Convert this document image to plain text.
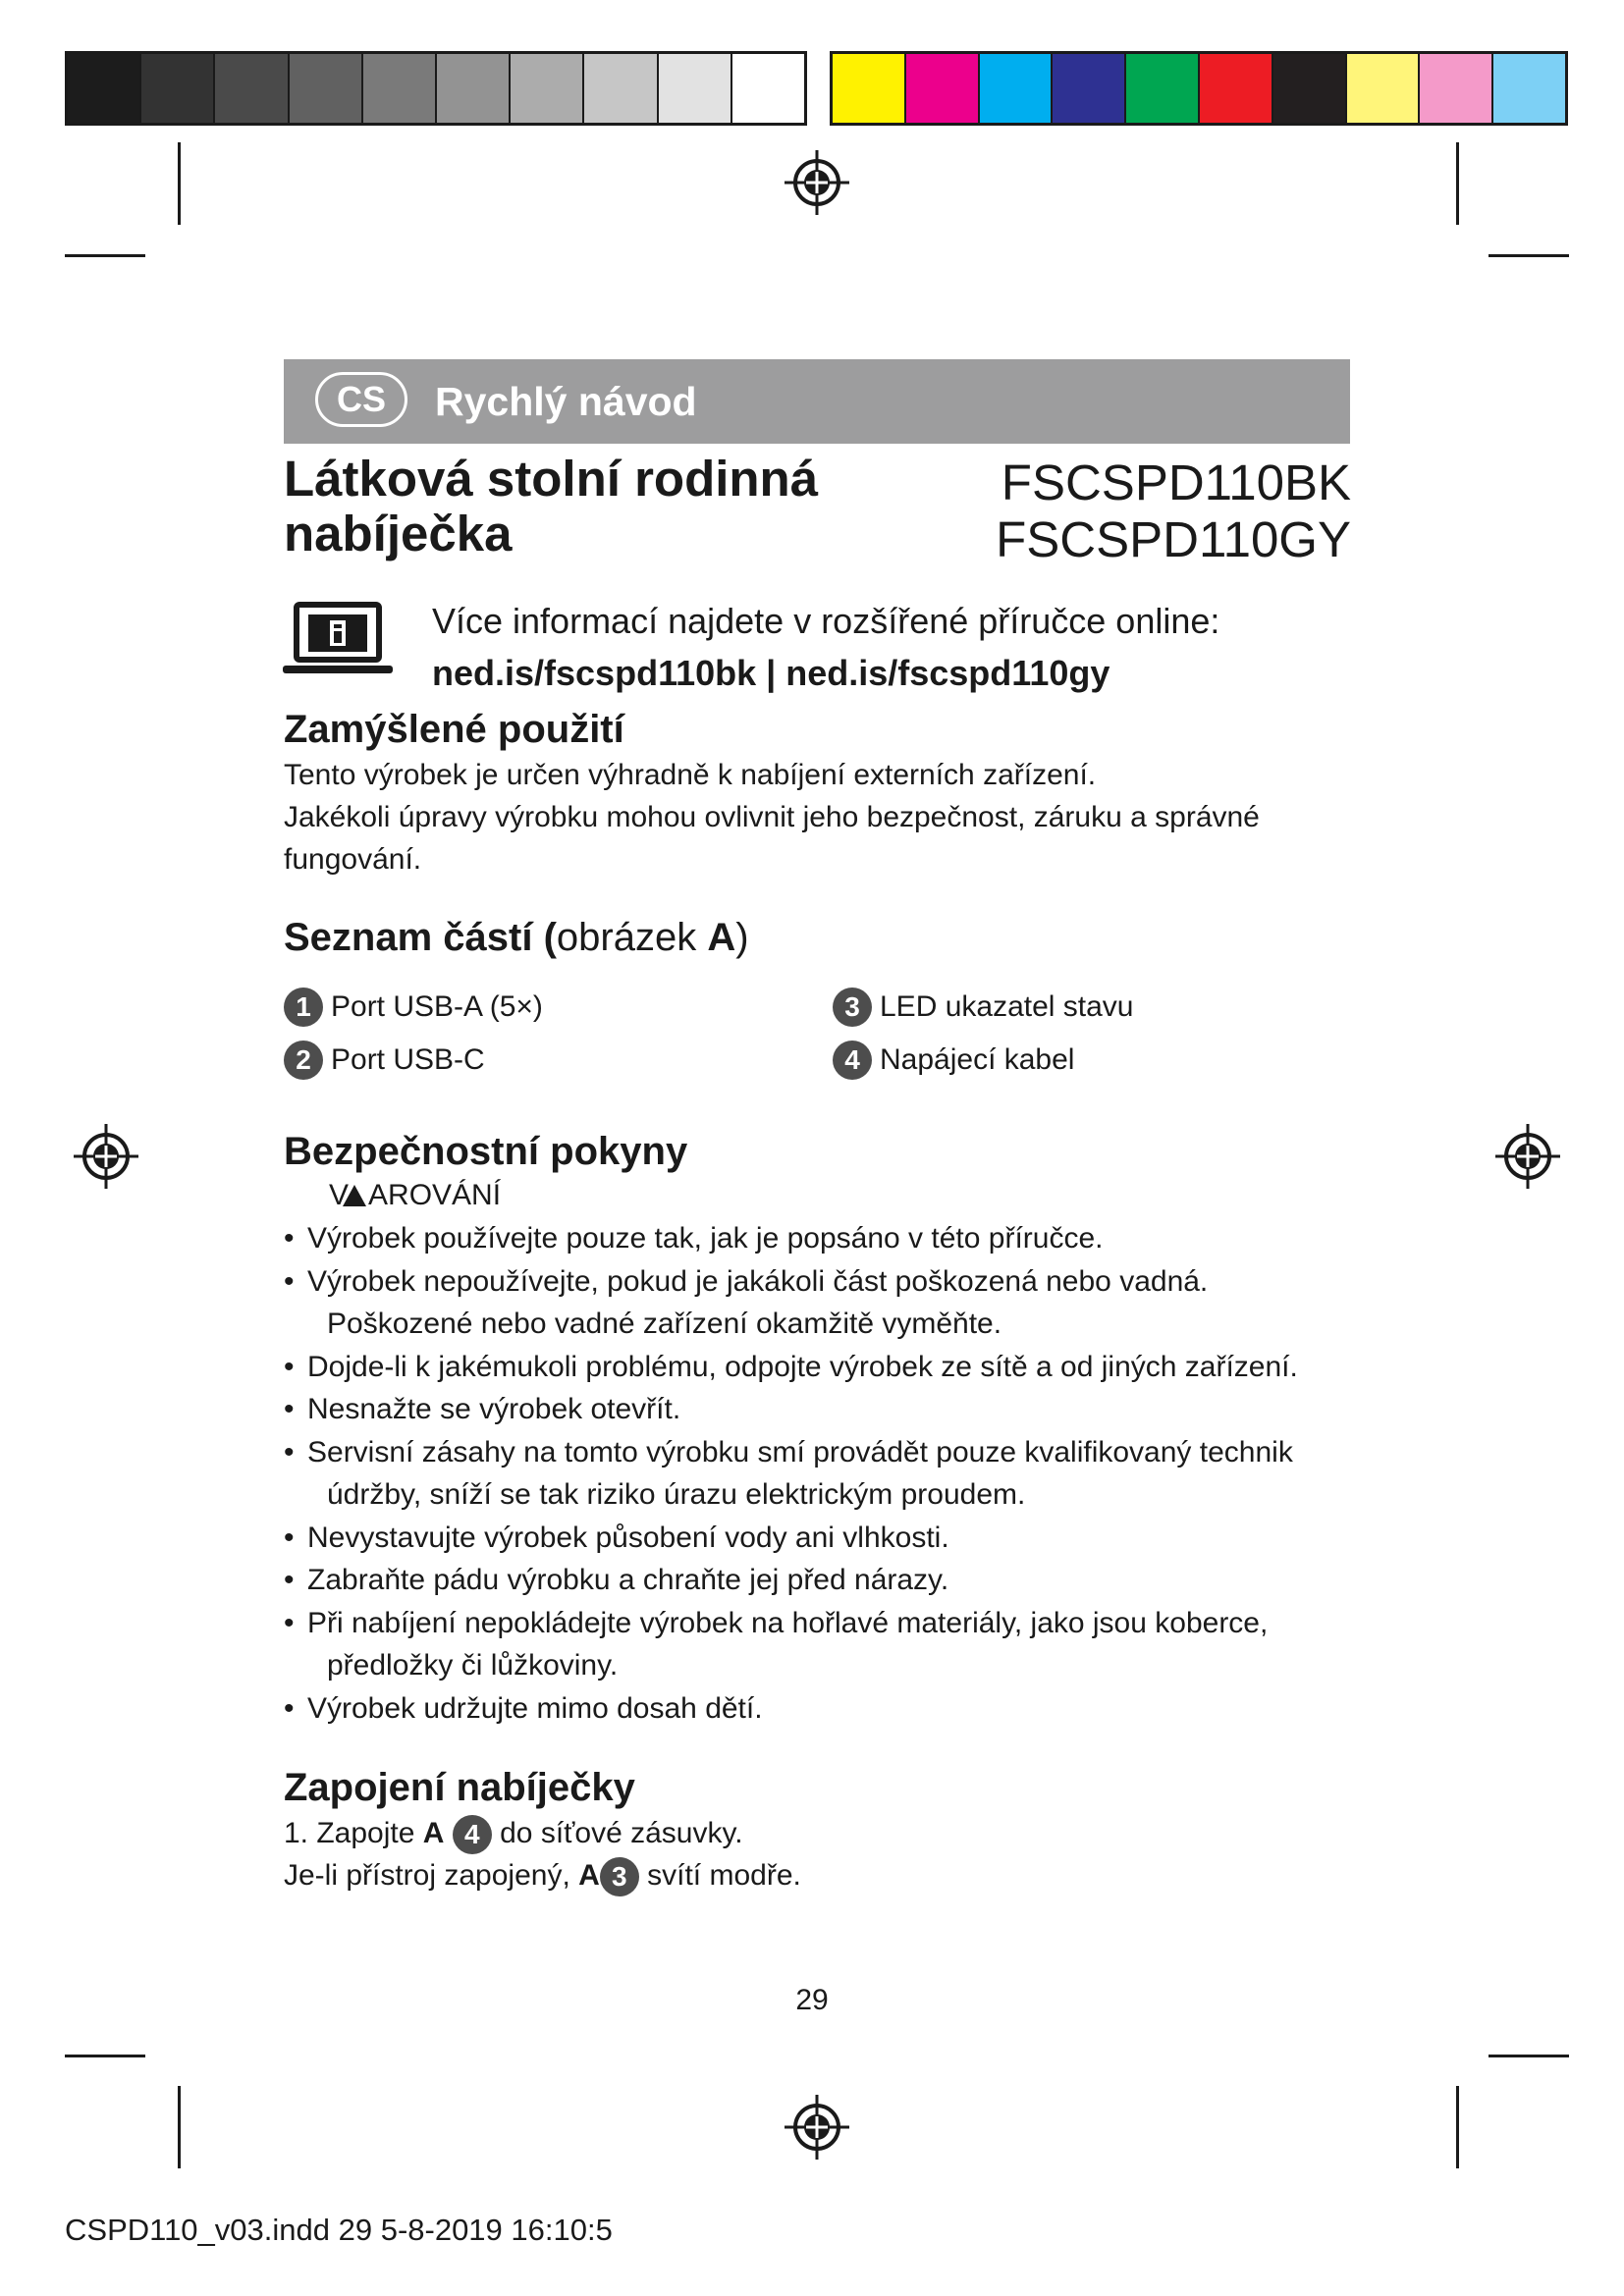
CS	Rychlý návod
Látková stolní rodinná
nabíječka
FSCSPD110BK
FSCSPD110GY
Více informací najdete v rozšířené příručce online:
ned.is/fscspd110bk | ned.is/fscspd110gy
Zamýšlené použití
Tento výrobek je určen výhradně k nabíjení externích zařízení.
Jakékoli úpravy výrobku mohou ovlivnit jeho bezpečnost, záruku a správné
fungování.
Seznam částí (obrázek A)
1 Port USB-A (5×)
2 Port USB-C
3 LED ukazatel stavu
4 Napájecí kabel
Bezpečnostní pokyny
V AROVÁNÍ
• Výrobek používejte pouze tak, jak je popsáno v této příručce.
• Výrobek nepoužívejte, pokud je jakákoli část poškozená nebo vadná.
Poškozené nebo vadné zařízení okamžitě vyměňte.
• Dojde-li k jakémukoli problému, odpojte výrobek ze sítě a od jiných zařízení.
• Nesnažte se výrobek otevřít.
• Servisní zásahy na tomto výrobku smí provádět pouze kvalifikovaný technik
údržby, sníží se tak riziko úrazu elektrickým proudem.
• Nevystavujte výrobek působení vody ani vlhkosti.
• Zabraňte pádu výrobku a chraňte jej před nárazy.
• Při nabíjení nepokládejte výrobek na hořlavé materiály, jako jsou koberce,
předložky či lůžkoviny.
• Výrobek udržujte mimo dosah dětí.
Zapojení nabíječky
1. Zapojte A 4 do síťové zásuvky.
Je-li přístroj zapojený, A 3 svítí modře.
29
CSPD110_v03.indd 29 5-8-2019 16:10:5
